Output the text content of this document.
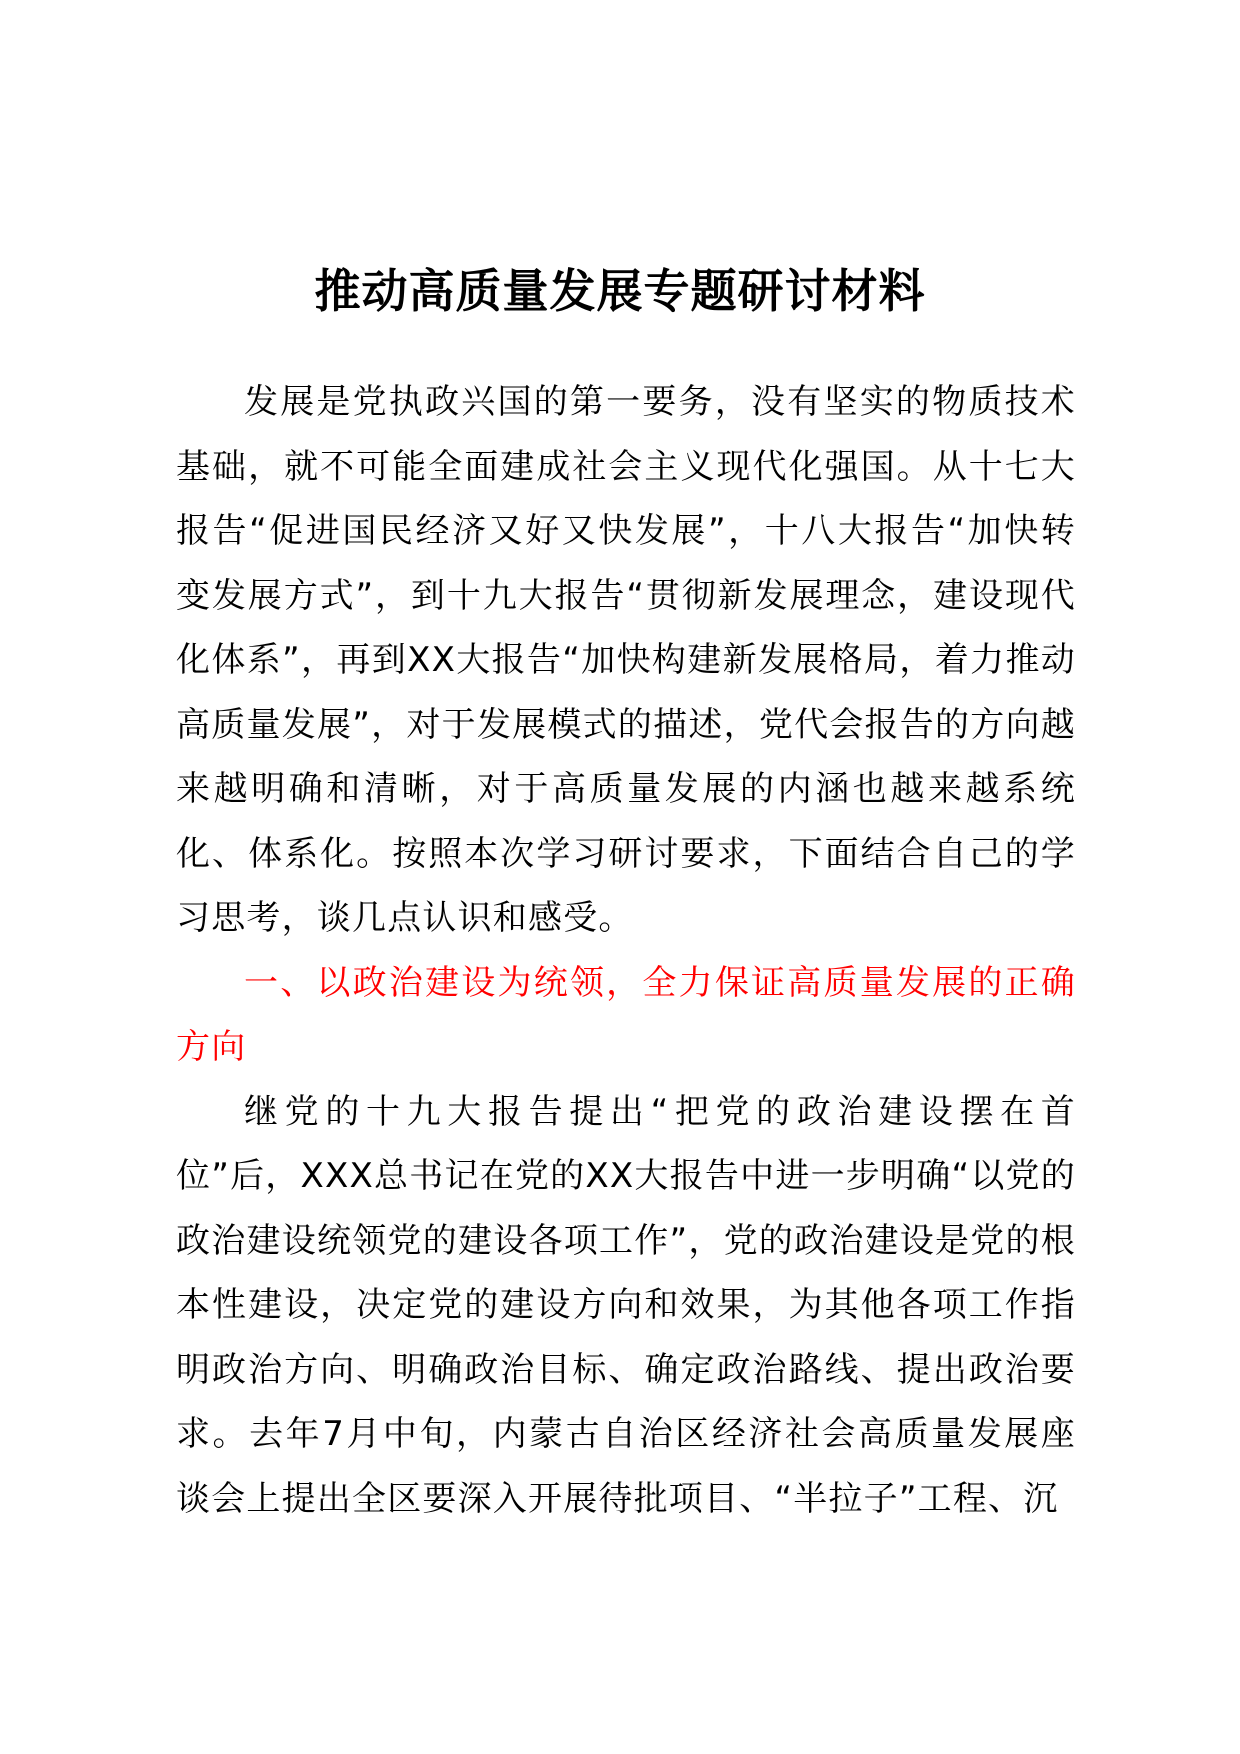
推动高质量发展专题研讨材料

发展是党执政兴国的第一要务，没有坚实的物质技术基础，就不可能全面建成社会主义现代化强国。从十七大报告“促进国民经济又好又快发展”，十八大报告“加快转变发展方式”，到十九大报告“贯彻新发展理念，建设现代化体系”，再到XX大报告“加快构建新发展格局，着力推动高质量发展”，对于发展模式的描述，党代会报告的方向越来越明确和清晰，对于高质量发展的内涵也越来越系统化、体系化。按照本次学习研讨要求，下面结合自己的学习思考，谈几点认识和感受。

一、以政治建设为统领，全力保证高质量发展的正确方向

继党的十九大报告提出“把党的政治建设摆在首位”后，XXX总书记在党的XX大报告中进一步明确“以党的政治建设统领党的建设各项工作”，党的政治建设是党的根本性建设，决定党的建设方向和效果，为其他各项工作指明政治方向、明确政治目标、确定政治路线、提出政治要求。去年7月中旬，内蒙古自治区经济社会高质量发展座谈会上提出全区要深入开展待批项目、“半拉子”工程、沉
